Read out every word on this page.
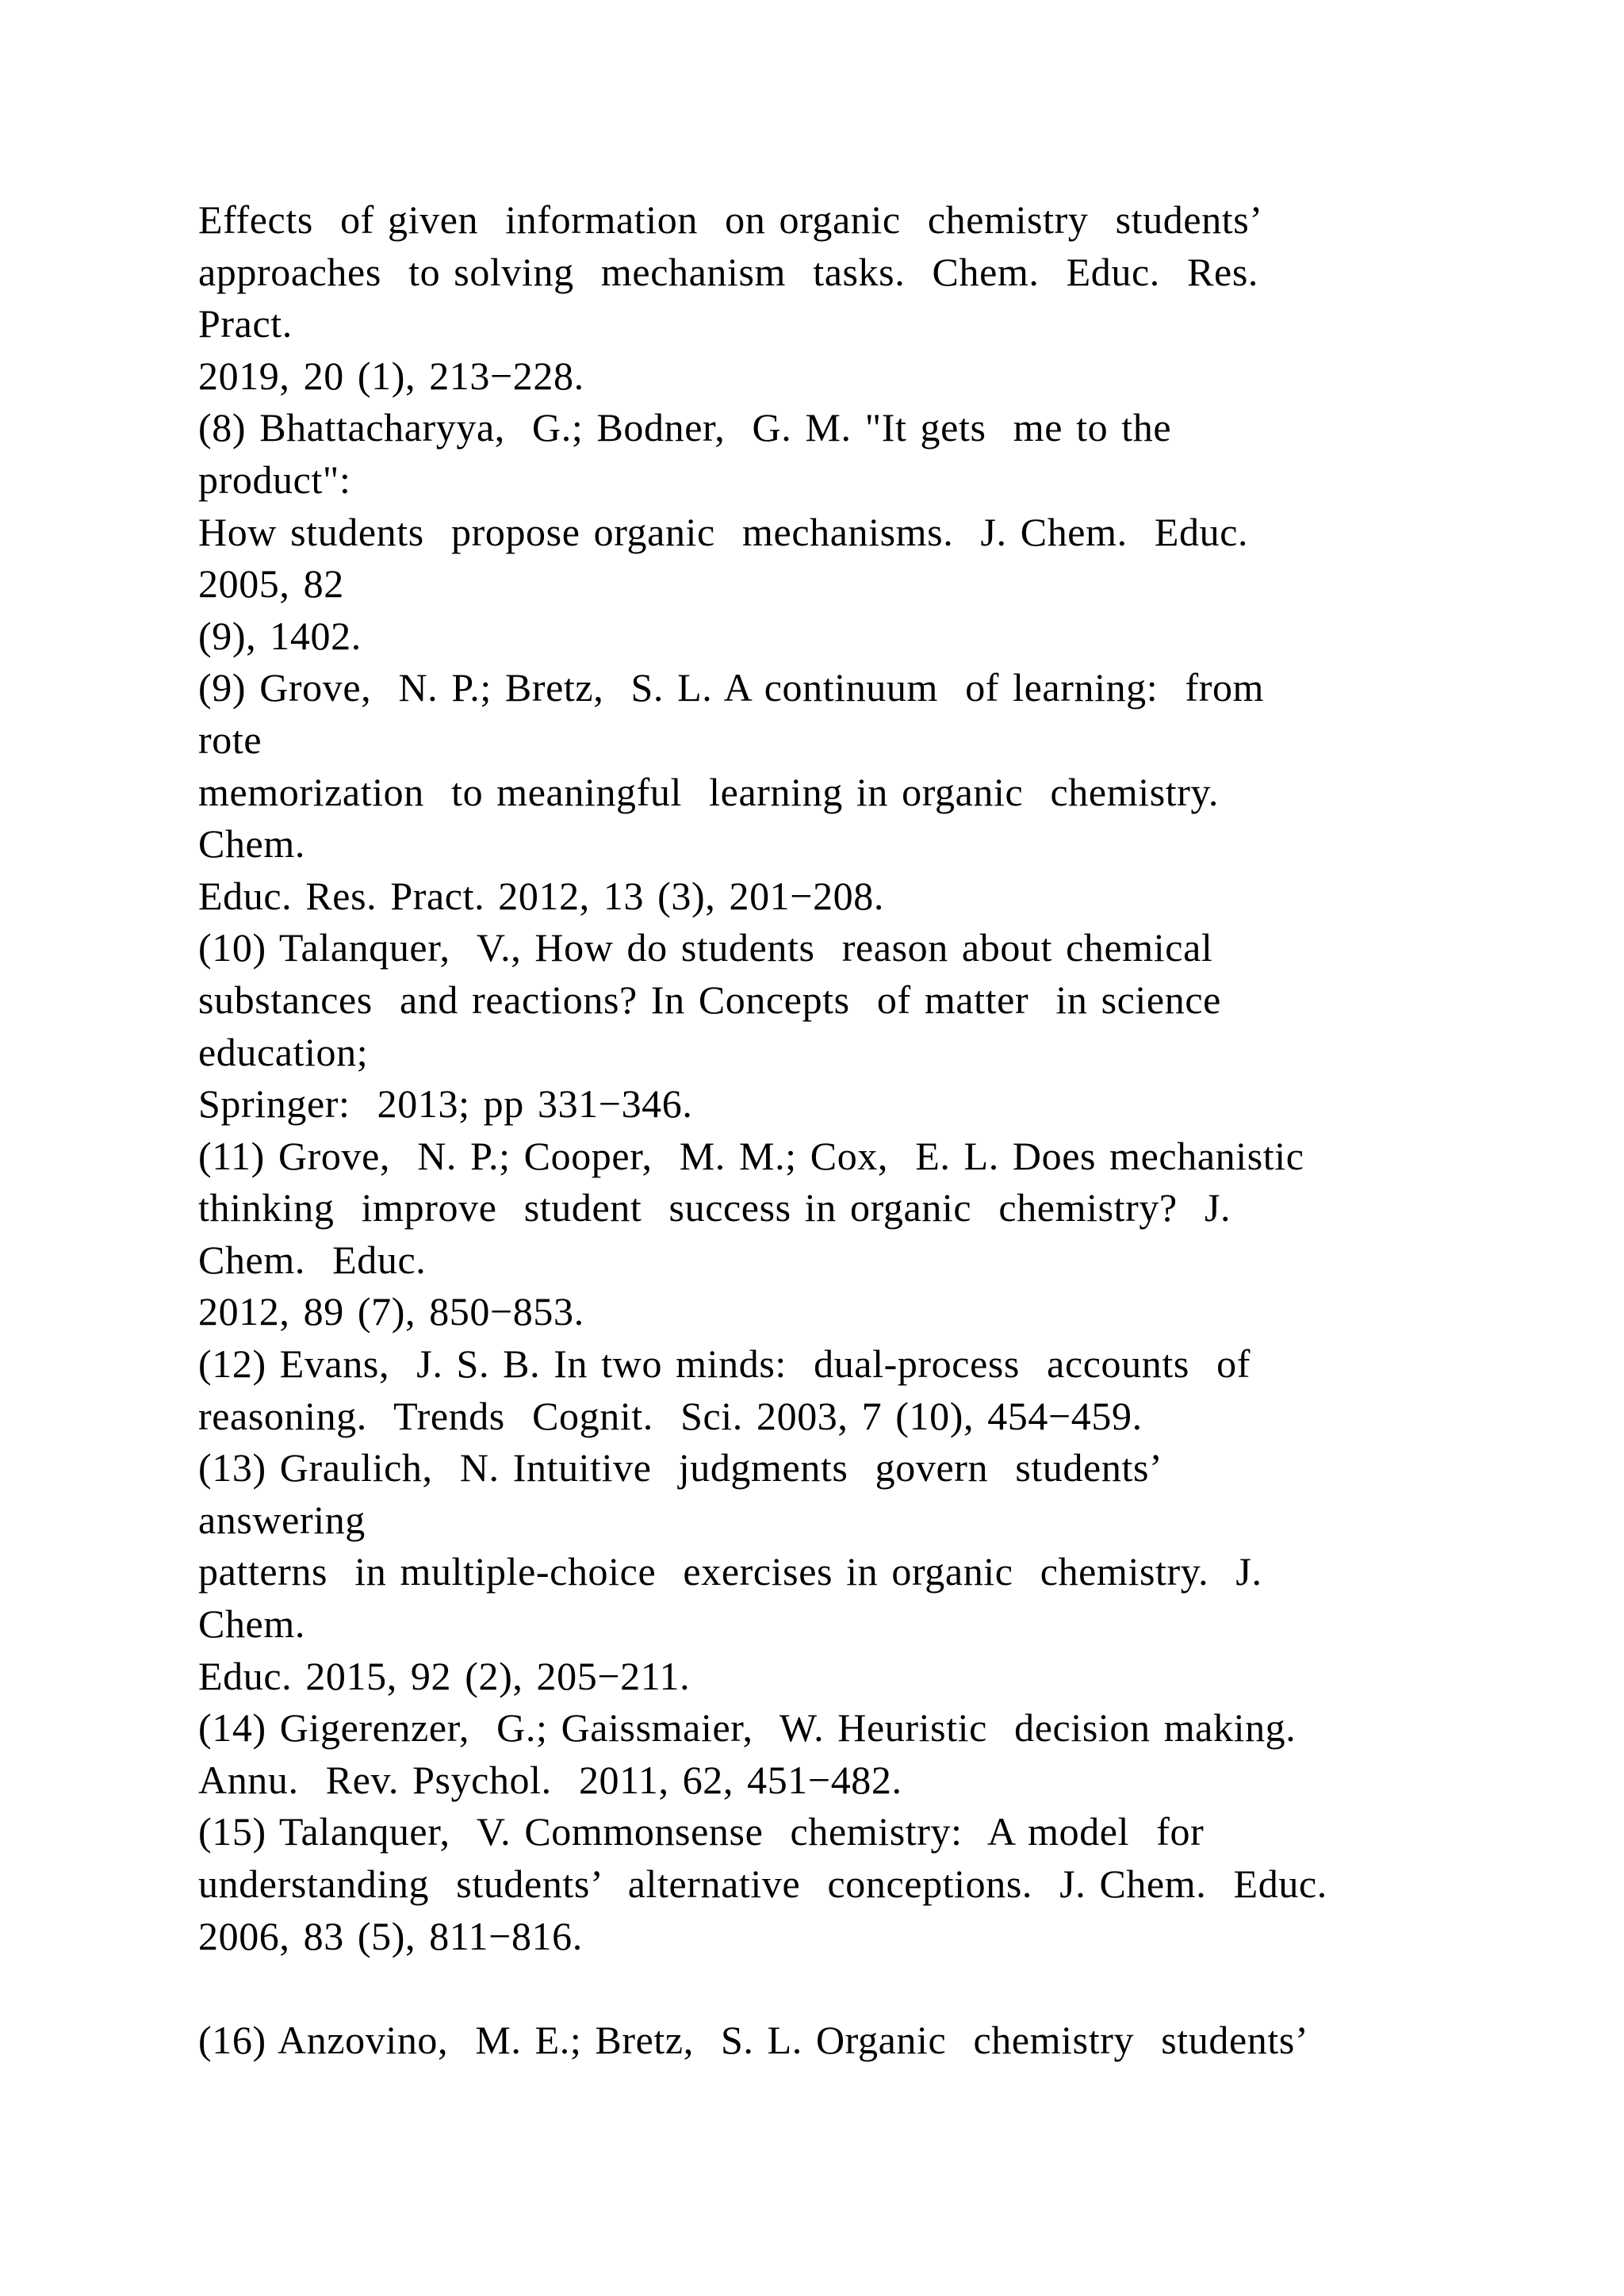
Effects  of given  information  on organic  chemistry  students’
approaches  to solving  mechanism  tasks.  Chem.  Educ.  Res.
Pract.
2019, 20 (1), 213−228.
(8) Bhattacharyya,  G.; Bodner,  G. M. "It gets  me to the
product":
How students  propose organic  mechanisms.  J. Chem.  Educ.
2005, 82
(9), 1402.
(9) Grove,  N. P.; Bretz,  S. L. A continuum  of learning:  from
rote
memorization  to meaningful  learning in organic  chemistry.
Chem.
Educ. Res. Pract. 2012, 13 (3), 201−208.
(10) Talanquer,  V., How do students  reason about chemical
substances  and reactions? In Concepts  of matter  in science
education;
Springer:  2013; pp 331−346.
(11) Grove,  N. P.; Cooper,  M. M.; Cox,  E. L. Does mechanistic
thinking  improve  student  success in organic  chemistry?  J.
Chem.  Educ.
2012, 89 (7), 850−853.
(12) Evans,  J. S. B. In two minds:  dual-process  accounts  of
reasoning.  Trends  Cognit.  Sci. 2003, 7 (10), 454−459.
(13) Graulich,  N. Intuitive  judgments  govern  students’
answering
patterns  in multiple-choice  exercises in organic  chemistry.  J.
Chem.
Educ. 2015, 92 (2), 205−211.
(14) Gigerenzer,  G.; Gaissmaier,  W. Heuristic  decision making.
Annu.  Rev. Psychol.  2011, 62, 451−482.
(15) Talanquer,  V. Commonsense  chemistry:  A model  for
understanding  students’  alternative  conceptions.  J. Chem.  Educ.
2006, 83 (5), 811−816.
(16) Anzovino,  M. E.; Bretz,  S. L. Organic  chemistry  students’
